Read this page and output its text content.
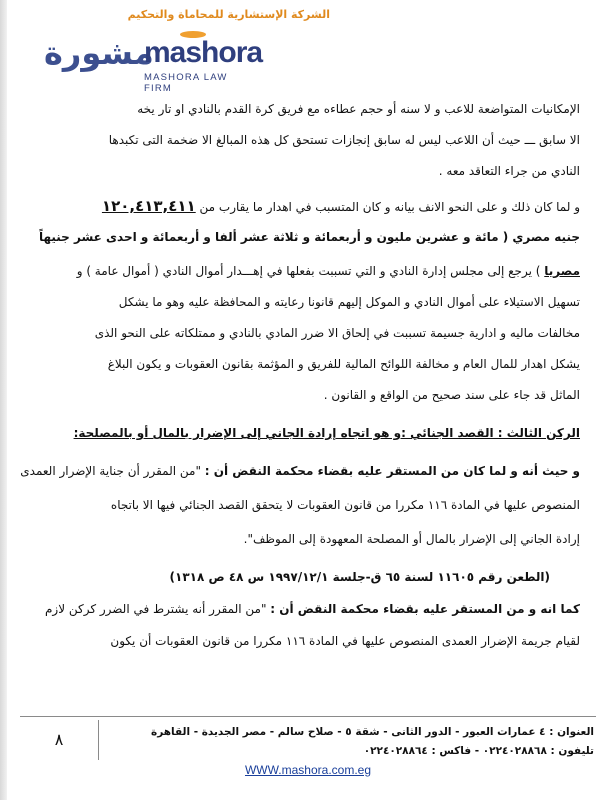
الشركة الإستشارية للمحاماة والتحكيم
مشورة
mashora
MASHORA LAW FIRM
الإمكانيات المتواضعة للاعب و لا سنه أو حجم عطاءه مع فريق كرة القدم بالنادي او تار يخه
الا سابق ـــ حيث أن اللاعب ليس له سابق إنجازات تستحق كل هذه المبالغ الا ضخمة التى تكبدها
النادي من جراء التعاقد معه .
و لما كان ذلك و على النحو الانف بيانه و كان المتسبب في اهدار ما يقارب من ١٢٠,٤١٣,٤١١
جنيه مصري ( مائة و عشرين مليون و أربعمائة و ثلاثة عشر ألفا و أربعمائة و احدى عشر جنيهاً
مصريا ) يرجع إلى مجلس إدارة النادي و التي تسببت بفعلها في إهـــدار أموال النادي ( أموال عامة ) و
تسهيل الاستيلاء على أموال النادي و الموكل إليهم قانونا رعايته و المحافظة عليه وهو ما يشكل
مخالفات ماليه و ادارية جسيمة تسببت في إلحاق الا ضرر المادي بالنادي و ممتلكاته على النحو الذى
يشكل اهدار للمال العام و مخالفة اللوائح المالية للفريق و المؤثمة بقانون العقوبات و يكون البلاغ
الماثل قد جاء على سند صحيح من الواقع و القانون .
الركن الثالث : القصد الجنائي :و هو اتجاه إرادة الجاني إلى الإضرار بالمال أو بالمصلحة:
و حيث أنه و لما كان من المستقر عليه بقضاء محكمة النقض أن : "من المقرر أن جناية الإضرار العمدى
المنصوص عليها في المادة ١١٦ مكررا من قانون العقوبات لا يتحقق القصد الجنائي فيها الا باتجاه
إرادة الجاني إلى الإضرار بالمال أو المصلحة المعهودة إلى الموظف".
(الطعن رقم ١١٦٠٥ لسنة ٦٥ ق-جلسة ١٩٩٧/١٢/١ س ٤٨ ص ١٣١٨)
كما انه و من المستقر عليه بقضاء محكمة النقض أن : "من المقرر أنه يشترط في الضرر كركن لازم
لقيام جريمة الإضرار العمدى المنصوص عليها في المادة ١١٦ مكررا من قانون العقوبات أن يكون
٨	العنوان : ٤ عمارات العبور - الدور الثانى - شقة ٥ - صلاح سالم - مصر الجديدة - القاهرة
تليفون : ٠٢٢٤٠٢٨٨٦٨ - فاكس : ٠٢٢٤٠٢٨٨٦٤
WWW.mashora.com.eg
